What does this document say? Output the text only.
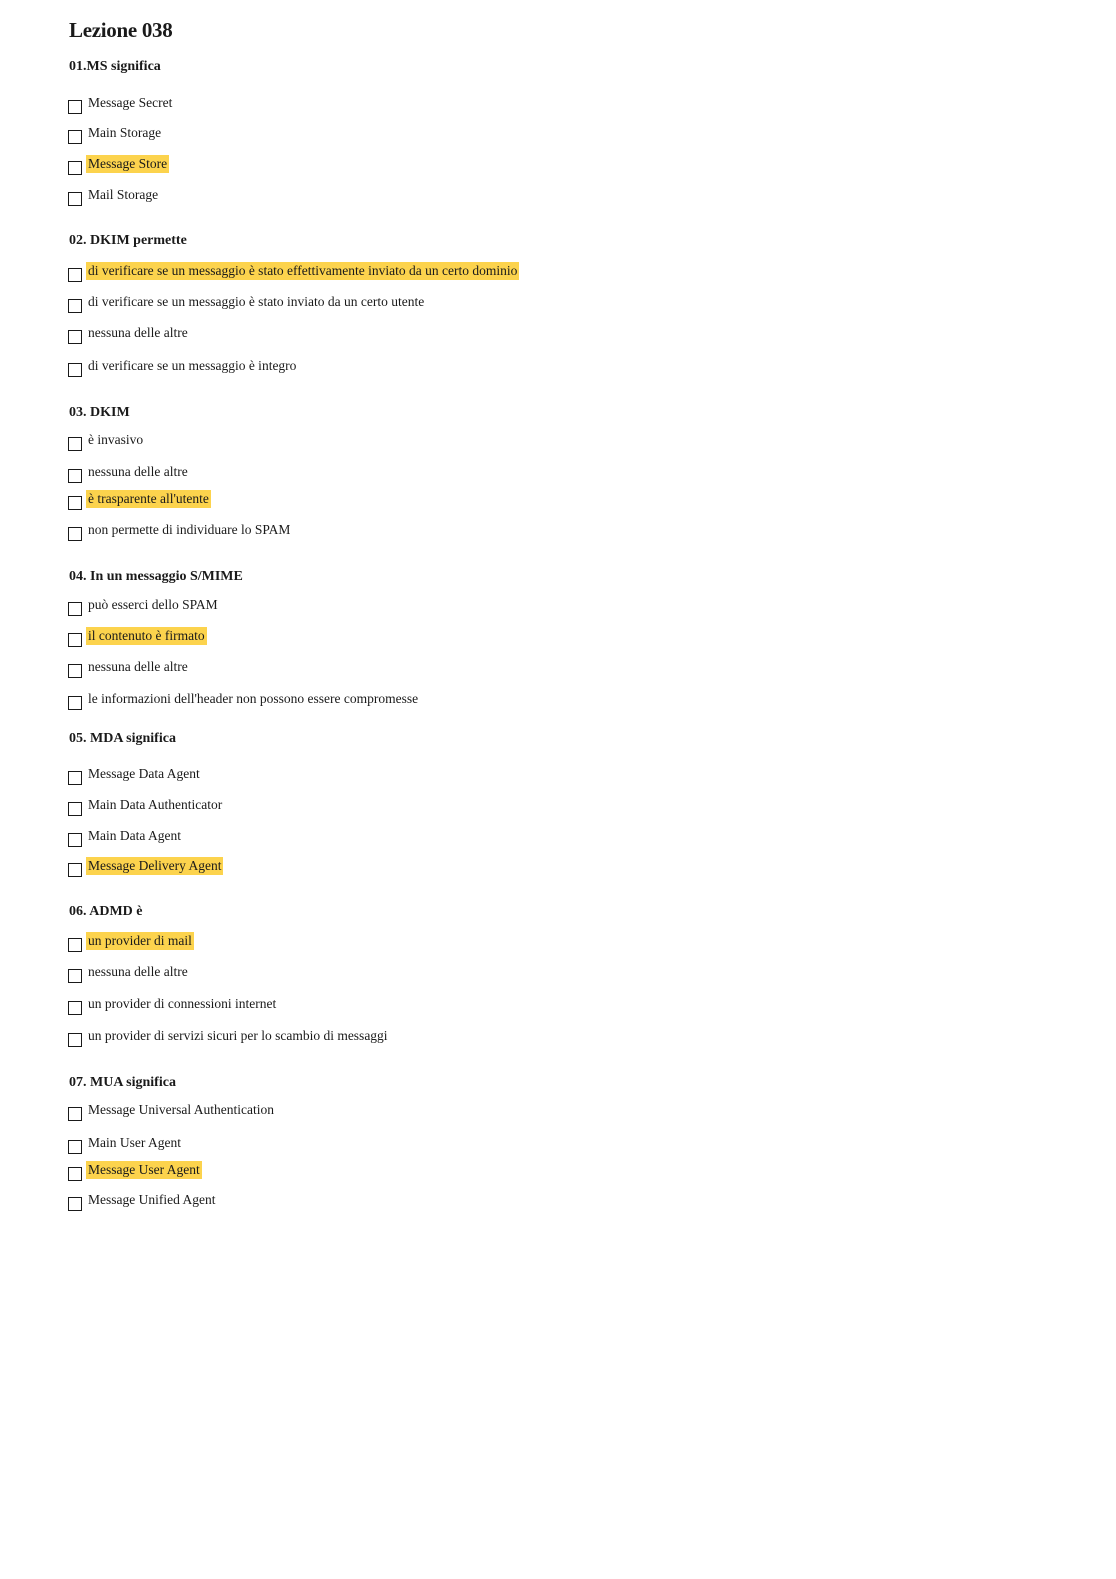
Lezione 038
01.MS significa
Message Secret
Main Storage
Message Store
Mail Storage
02. DKIM permette
di verificare se un messaggio è stato effettivamente inviato da un certo dominio
di verificare se un messaggio è stato inviato da un certo utente
nessuna delle altre
di verificare se un messaggio è integro
03. DKIM
è invasivo
nessuna delle altre
è trasparente all'utente
non permette di individuare lo SPAM
04. In un messaggio S/MIME
può esserci dello SPAM
il contenuto è firmato
nessuna delle altre
le informazioni dell'header non possono essere compromesse
05. MDA significa
Message Data Agent
Main Data Authenticator
Main Data Agent
Message Delivery Agent
06. ADMD è
un provider di mail
nessuna delle altre
un provider di connessioni internet
un provider di servizi sicuri per lo scambio di messaggi
07. MUA significa
Message Universal Authentication
Main User Agent
Message User Agent
Message Unified Agent
